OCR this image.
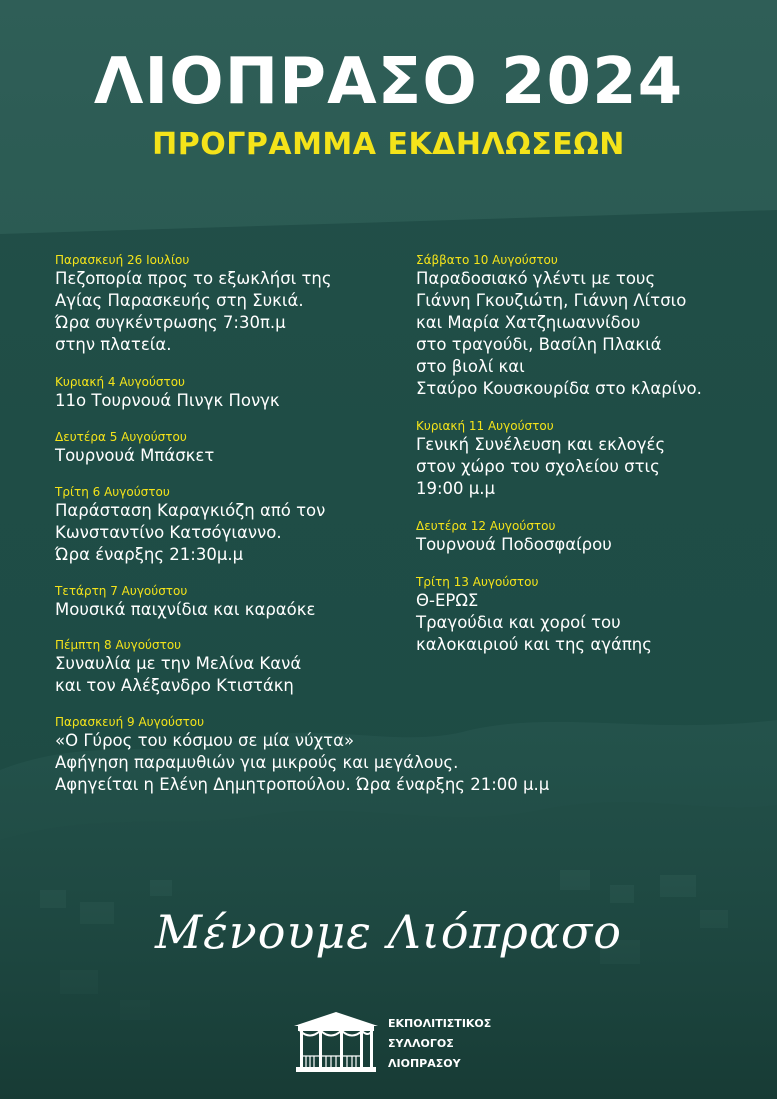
ΛΙΟΠΡΑΣΟ 2024
ΠΡΟΓΡΑΜΜΑ ΕΚΔΗΛΩΣΕΩΝ
Παρασκευή 26 Ιουλίου
Πεζοπορία προς το εξωκλήσι της
Αγίας Παρασκευής στη Συκιά.
Ώρα συγκέντρωσης 7:30π.μ
στην πλατεία.
Κυριακή 4 Αυγούστου
11ο Τουρνουά Πινγκ Πονγκ
Δευτέρα 5 Αυγούστου
Τουρνουά Μπάσκετ
Τρίτη 6 Αυγούστου
Παράσταση Καραγκιόζη από τον
Κωνσταντίνο Κατσόγιαννο.
Ώρα έναρξης 21:30μ.μ
Τετάρτη 7 Αυγούστου
Μουσικά παιχνίδια και καραόκε
Πέμπτη 8 Αυγούστου
Συναυλία με την Μελίνα Κανά
και τον Αλέξανδρο Κτιστάκη
Παρασκευή 9 Αυγούστου
«Ο Γύρος του κόσμου σε μία νύχτα»
Αφήγηση παραμυθιών για μικρούς και μεγάλους.
Αφηγείται η Ελένη Δημητροπούλου. Ώρα έναρξης 21:00 μ.μ
Σάββατο 10 Αυγούστου
Παραδοσιακό γλέντι με τους
Γιάννη Γκουζιώτη, Γιάννη Λίτσιο
και Μαρία Χατζηιωαννίδου
στο τραγούδι, Βασίλη Πλακιά
στο βιολί και
Σταύρο Κουσκουρίδα στο κλαρίνο.
Κυριακή 11 Αυγούστου
Γενική Συνέλευση και εκλογές
στον χώρο του σχολείου στις
19:00 μ.μ
Δευτέρα 12 Αυγούστου
Τουρνουά Ποδοσφαίρου
Τρίτη 13 Αυγούστου
Θ-ΕΡΩΣ
Τραγούδια και χοροί του
καλοκαιριού και της αγάπης
Μένουμε Λιόπρασο
ΕΚΠΟΛΙΤΙΣΤΙΚΟΣ
ΣΥΛΛΟΓΟΣ
ΛΙΟΠΡΑΣΟΥ
